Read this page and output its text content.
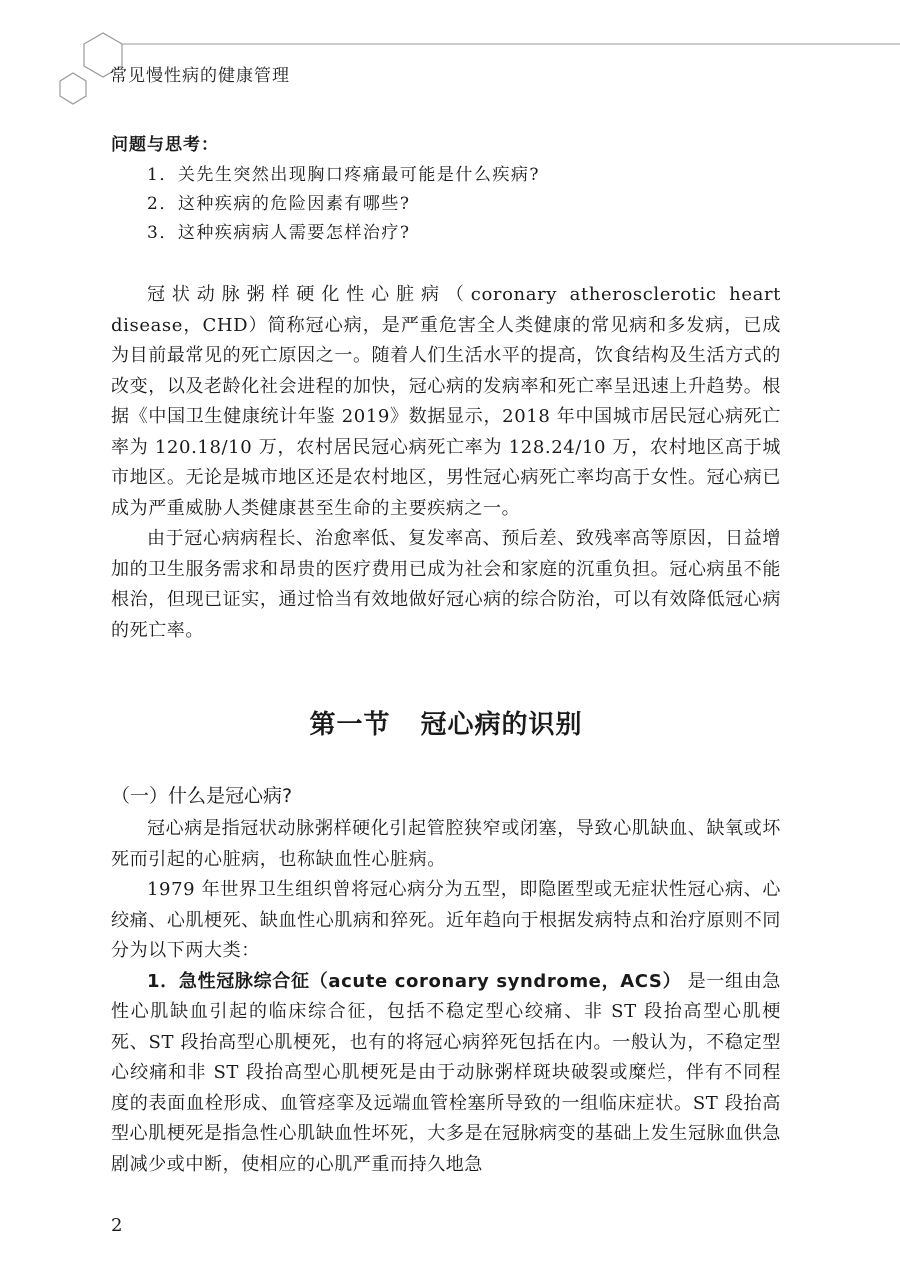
常见慢性病的健康管理
问题与思考：
1．关先生突然出现胸口疼痛最可能是什么疾病?
2．这种疾病的危险因素有哪些?
3．这种疾病病人需要怎样治疗?

冠状动脉粥样硬化性心脏病（coronary atherosclerotic heart disease，CHD）简称冠心病，是严重危害全人类健康的常见病和多发病，已成为目前最常见的死亡原因之一。随着人们生活水平的提高，饮食结构及生活方式的改变，以及老龄化社会进程的加快，冠心病的发病率和死亡率呈迅速上升趋势。根据《中国卫生健康统计年鉴 2019》数据显示，2018 年中国城市居民冠心病死亡率为 120.18/10 万，农村居民冠心病死亡率为 128.24/10 万，农村地区高于城市地区。无论是城市地区还是农村地区，男性冠心病死亡率均高于女性。冠心病已成为严重威胁人类健康甚至生命的主要疾病之一。

由于冠心病病程长、治愈率低、复发率高、预后差、致残率高等原因，日益增加的卫生服务需求和昂贵的医疗费用已成为社会和家庭的沉重负担。冠心病虽不能根治，但现已证实，通过恰当有效地做好冠心病的综合防治，可以有效降低冠心病的死亡率。

第一节 冠心病的识别
（一）什么是冠心病?

冠心病是指冠状动脉粥样硬化引起管腔狭窄或闭塞，导致心肌缺血、缺氧或坏死而引起的心脏病，也称缺血性心脏病。

1979 年世界卫生组织曾将冠心病分为五型，即隐匿型或无症状性冠心病、心绞痛、心肌梗死、缺血性心肌病和猝死。近年趋向于根据发病特点和治疗原则不同分为以下两大类：

1．急性冠脉综合征（acute coronary syndrome，ACS） 是一组由急性心肌缺血引起的临床综合征，包括不稳定型心绞痛、非 ST 段抬高型心肌梗死、ST 段抬高型心肌梗死，也有的将冠心病猝死包括在内。一般认为，不稳定型心绞痛和非 ST 段抬高型心肌梗死是由于动脉粥样斑块破裂或糜烂，伴有不同程度的表面血栓形成、血管痉挛及远端血管栓塞所导致的一组临床症状。ST 段抬高型心肌梗死是指急性心肌缺血性坏死，大多是在冠脉病变的基础上发生冠脉血供急剧减少或中断，使相应的心肌严重而持久地急

2
